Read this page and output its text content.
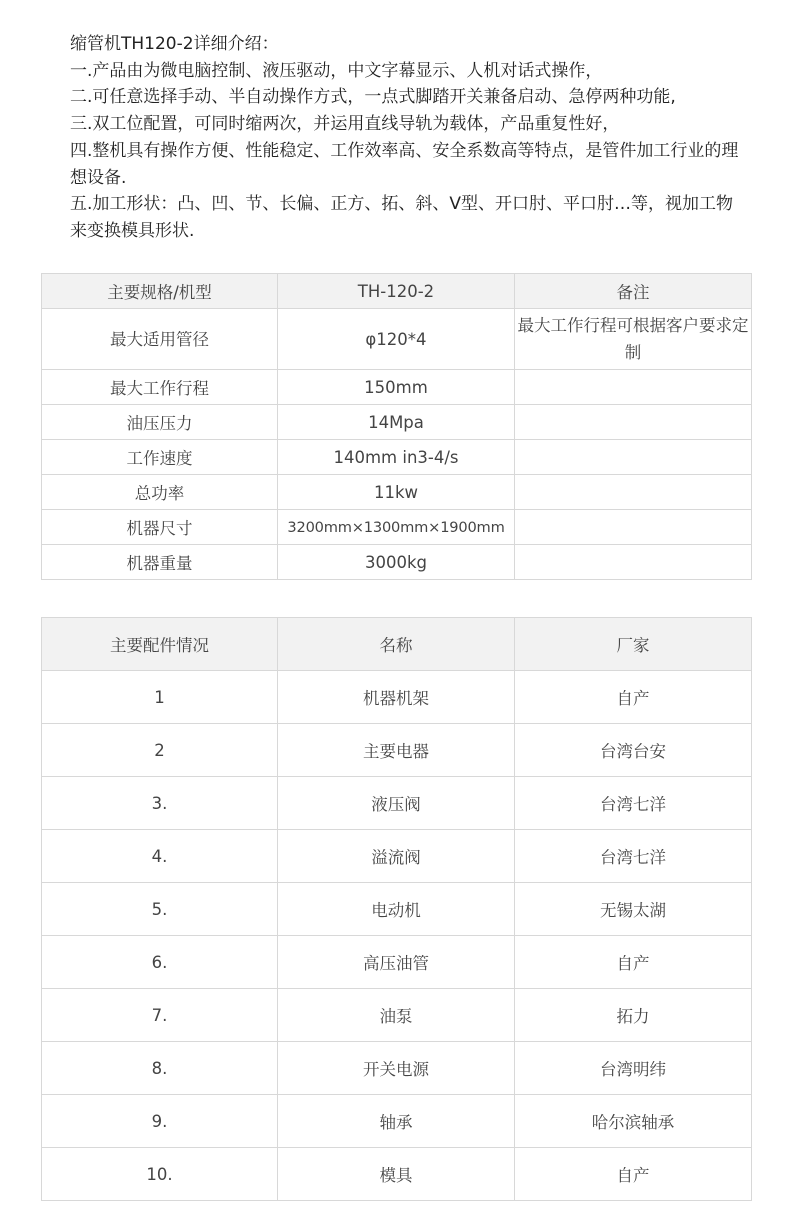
缩管机TH120-2详细介绍：

一.产品由为微电脑控制、液压驱动，中文字幕显示、人机对话式操作，

二.可任意选择手动、半自动操作方式，一点式脚踏开关兼备启动、急停两种功能,

三.双工位配置，可同时缩两次，并运用直线导轨为载体，产品重复性好，

四.整机具有操作方便、性能稳定、工作效率高、安全系数高等特点，是管件加工行业的理想设备.

五.加工形状：凸、凹、节、长偏、正方、拓、斜、V型、开口肘、平口肘…等，视加工物来变换模具形状.

主要规格/机型	TH-120-2	备注
最大适用管径	φ120*4	最大工作行程可根据客户要求定制
最大工作行程	150mm	
油压压力	14Mpa	
工作速度	140mm in3-4/s	
总功率	11kw	
机器尺寸	3200mm×1300mm×1900mm	
机器重量	3000kg	
主要配件情况	名称	厂家
1	机器机架	自产
2	主要电器	台湾台安
3.	液压阀	台湾七洋
4.	溢流阀	台湾七洋
5.	电动机	无锡太湖
6.	高压油管	自产
7.	油泵	拓力
8.	开关电源	台湾明纬
9.	轴承	哈尔滨轴承
10.	模具	自产
